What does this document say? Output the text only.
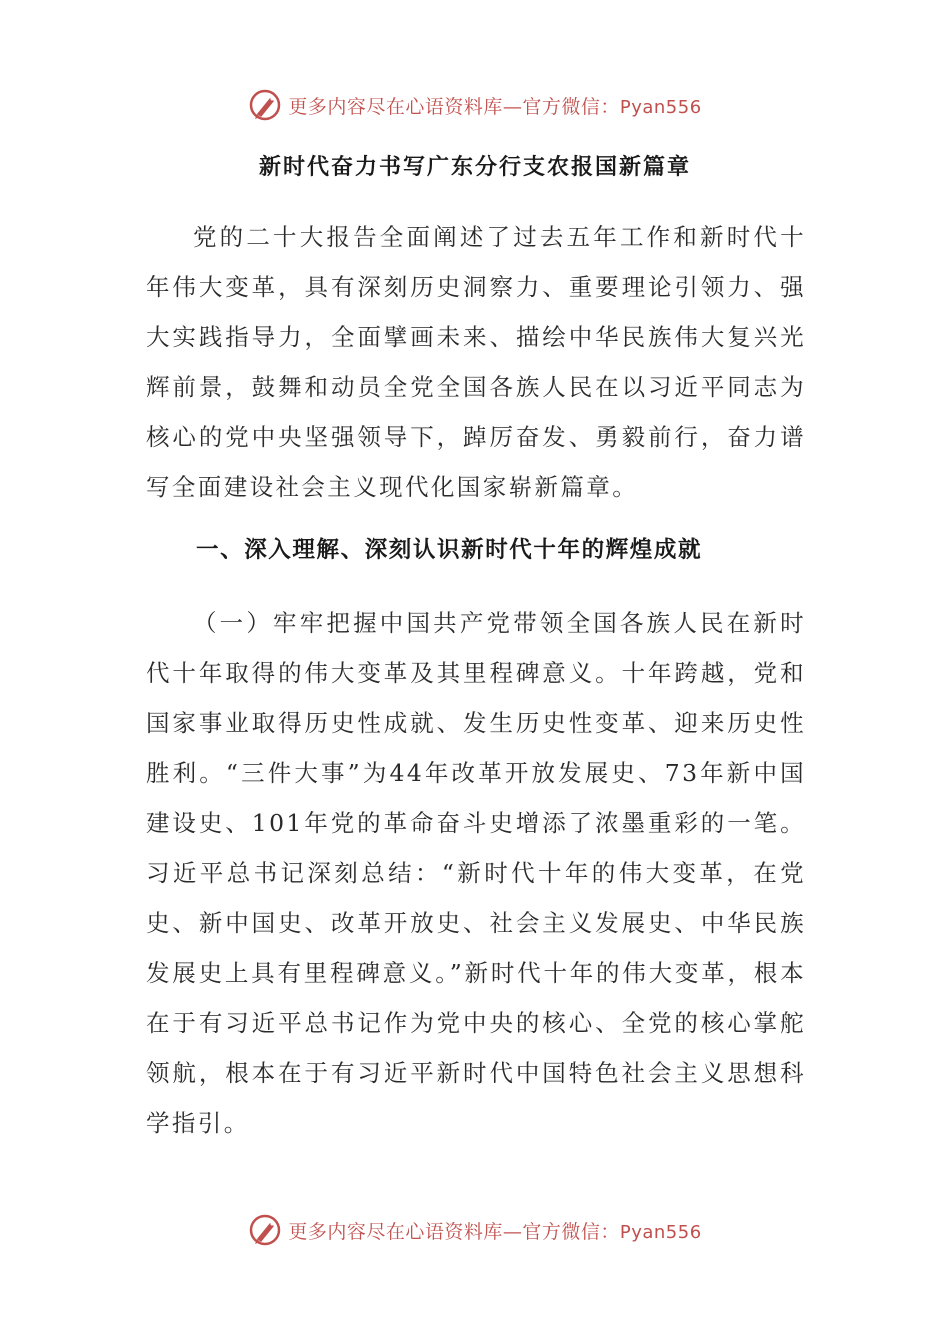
更多内容尽在心语资料库—官方微信：Pyan556
新时代奋力书写广东分行支农报国新篇章
党的二十大报告全面阐述了过去五年工作和新时代十年伟大变革，具有深刻历史洞察力、重要理论引领力、强大实践指导力，全面擘画未来、描绘中华民族伟大复兴光辉前景，鼓舞和动员全党全国各族人民在以习近平同志为核心的党中央坚强领导下，踔厉奋发、勇毅前行，奋力谱写全面建设社会主义现代化国家崭新篇章。
一、深入理解、深刻认识新时代十年的辉煌成就
（一）牢牢把握中国共产党带领全国各族人民在新时代十年取得的伟大变革及其里程碑意义。十年跨越，党和国家事业取得历史性成就、发生历史性变革、迎来历史性胜利。“三件大事”为44年改革开放发展史、73年新中国建设史、101年党的革命奋斗史增添了浓墨重彩的一笔。习近平总书记深刻总结：“新时代十年的伟大变革，在党史、新中国史、改革开放史、社会主义发展史、中华民族发展史上具有里程碑意义。”新时代十年的伟大变革，根本在于有习近平总书记作为党中央的核心、全党的核心掌舵领航，根本在于有习近平新时代中国特色社会主义思想科学指引。
更多内容尽在心语资料库—官方微信：Pyan556
